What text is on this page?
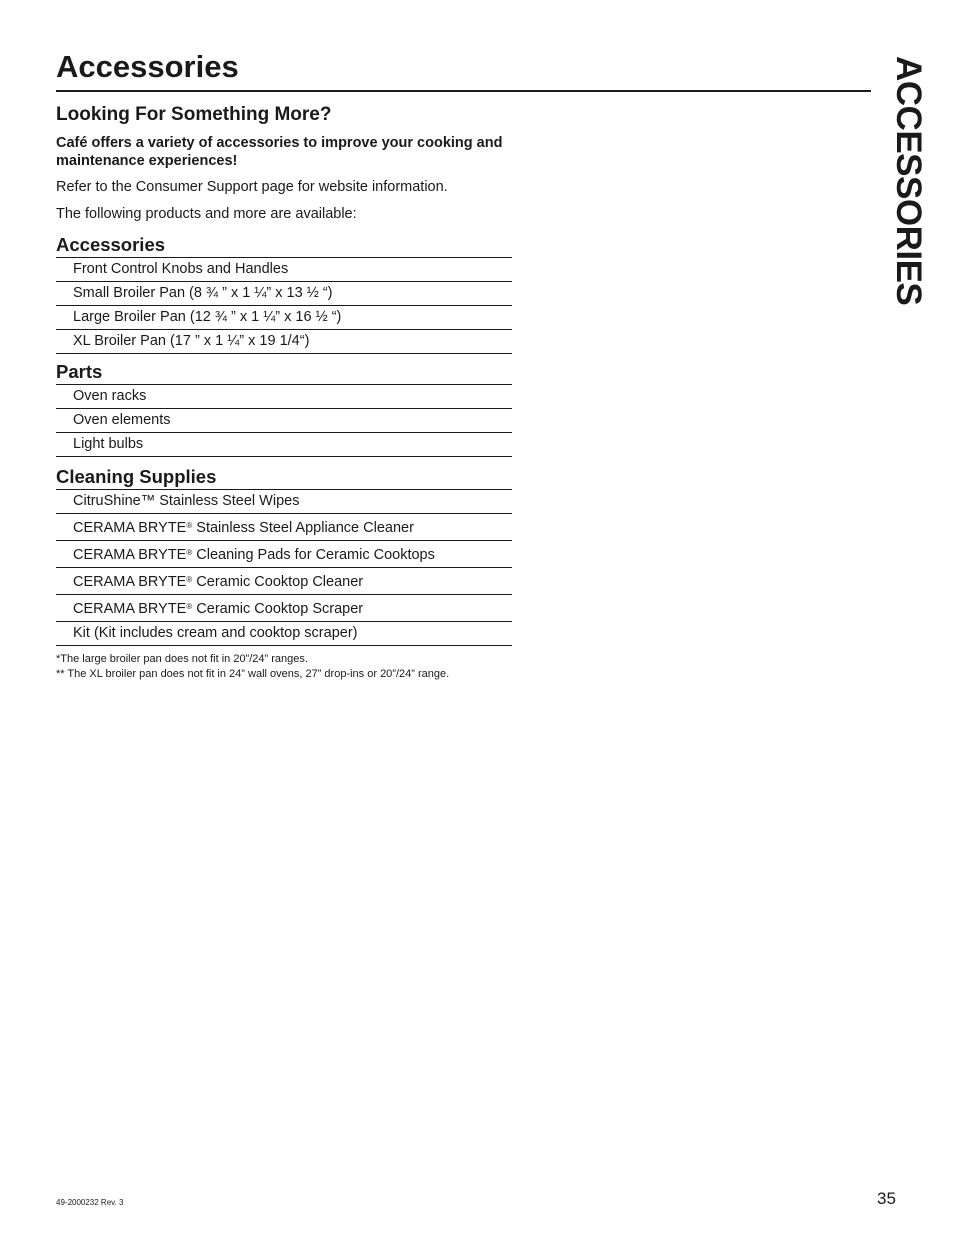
Accessories	ACCESSORIES
Looking For Something More?

Café offers a variety of accessories to improve your cooking and maintenance experiences!

Refer to the Consumer Support page for website information.

The following products and more are available:

Accessories
Front Control Knobs and Handles
Small Broiler Pan (8 ¾ ” x 1 ¼” x 13 ½ “)
Large Broiler Pan (12 ¾ ” x 1 ¼” x 16 ½ “)
XL Broiler Pan (17 ” x 1 ¼” x 19 1/4“)
Parts
Oven racks
Oven elements
Light bulbs
Cleaning Supplies
CitruShine™ Stainless Steel Wipes
CERAMA BRYTE® Stainless Steel Appliance Cleaner
CERAMA BRYTE® Cleaning Pads for Ceramic Cooktops
CERAMA BRYTE® Ceramic Cooktop Cleaner
CERAMA BRYTE® Ceramic Cooktop Scraper
Kit (Kit includes cream and cooktop scraper)

*The large broiler pan does not fit in 20”/24” ranges.

** The XL broiler pan does not fit in 24” wall ovens, 27” drop-ins or 20”/24” range.

49-2000232 Rev. 3	35
